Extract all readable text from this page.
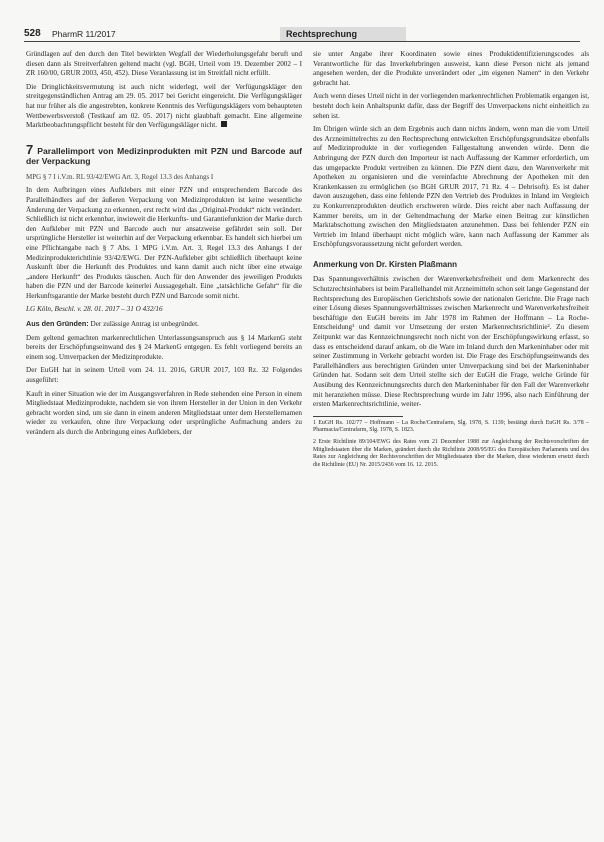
528 PharmR 11/2017	Rechtsprechung

Gründlagen auf den durch den Titel bewirkten Wegfall der Wiederholungsgefahr beruft und diesen dann als Streitverfahren geltend macht (vgl. BGH, Urteil vom 19. Dezember 2002 – I ZR 160/00, GRUR 2003, 450, 452). Diese Veranlassung ist im Streitfall nicht erfüllt.

Die Dringlichkeitsvermutung ist auch nicht widerlegt, weil der Verfügungskläger den streitgegenständlichen Antrag am 29. 05. 2017 bei Gericht eingereicht. Die Verfügungskläger hat nur früher als die angestrebten, konkrete Kenntnis des Verfügungsklägers vom behaupteten Wettbewerbsverstoß (Testkauf am 02. 05. 2017) nicht glaubhaft gemacht. Eine allgemeine Marktbeobachtungspflicht besteht für den Verfügungskläger nicht.

7 Parallelimport von Medizinprodukten mit PZN und Barcode auf der Verpackung

MPG § 7 I i.V.m. RL 93/42/EWG Art. 3, Regel 13.3 des Anhangs I

In dem Aufbringen eines Aufklebers mit einer PZN und entsprechendem Barcode des Parallelhändlers auf der äußeren Verpackung von Medizinprodukten ist keine wesentliche Änderung der Verpackung zu erkennen, erst recht wird das „Original-Produkt“ nicht verändert. Schließlich ist nicht erkennbar, inwieweit die Herkunfts- und Garantiefunktion der Marke durch den Aufkleber mit PZN und Barcode auch nur ansatzweise gefährdet sein soll. Der ursprüngliche Hersteller ist weiterhin auf der Verpackung erkennbar. Es handelt sich hierbei um eine Pflichtangabe nach § 7 Abs. 1 MPG i.V.m. Art. 3, Regel 13.3 des Anhangs I der Medizinprodukterichtlinie 93/42/EWG. Der PZN-Aufkleber gibt schließlich überhaupt keine Auskunft über die Herkunft des Produktes und kann damit auch nicht über eine etwaige „andere Herkunft“ des Produkts täuschen. Auch für den Anwender des jeweiligen Produkts haben die PZN und der Barcode keinerlei Aussagegehalt. Eine „tatsächliche Gefahr“ für die Herkunftsgarantie der Marke besteht durch PZN und Barcode somit nicht.

LG Köln, Beschl. v. 28. 01. 2017 – 31 O 432/16

Aus den Gründen: Der zulässige Antrag ist unbegründet.

Dem geltend gemachten markenrechtlichen Unterlassungsanspruch aus § 14 MarkenG steht bereits der Erschöpfungseinwand des § 24 MarkenG entgegen. Es fehlt vorliegend bereits an einem sog. Umverpacken der Medizinprodukte.

Der EuGH hat in seinem Urteil vom 24. 11. 2016, GRUR 2017, 103 Rz. 32 Folgendes ausgeführt:

Kauft in einer Situation wie der im Ausgangsverfahren in Rede stehenden eine Person in einem Mitgliedstaat Medizinprodukte, nachdem sie von ihrem Hersteller in der Union in den Verkehr gebracht worden sind, um sie dann in einem anderen Mitgliedstaat unter dem Herstellernamen wieder zu verkaufen, ohne ihre Verpackung oder ursprüngliche Aufmachung anders zu verändern als durch die Anbringung eines Aufklebers, der

sie unter Angabe ihrer Koordinaten sowie eines Produktidentifizierungscodes als Verantwortliche für das Inverkehrbringen ausweist, kann diese Person nicht als jemand angesehen werden, der die Produkte unverändert oder „im eigenen Namen“ in den Verkehr gebracht hat.

Auch wenn dieses Urteil nicht in der vorliegenden markenrechtlichen Problematik ergangen ist, besteht doch kein Anhaltspunkt dafür, dass der Begriff des Umverpackens nicht einheitlich zu sehen ist.

Im Übrigen würde sich an dem Ergebnis auch dann nichts ändern, wenn man die vom Urteil des Arzneimittelrechts zu den Rechtsprechung entwickelten Erschöpfungsgrundsätze ebenfalls auf Medizinprodukte in der vorliegenden Fallgestaltung anwenden würde. Denn die Anbringung der PZN durch den Importeur ist nach Auffassung der Kammer erforderlich, um das umgepackte Produkt vertreiben zu können. Die PZN dient dazu, den Warenverkehr mit Apotheken zu organisieren und die vereinfachte Abrechnung der Apotheken mit den Krankenkassen zu ermöglichen (so BGH GRUR 2017, 71 Rz. 4 – Debrisoft). Es ist daher davon auszugehen, dass eine fehlende PZN den Vertrieb des Produktes in Inland im Vergleich zu Konkurrenzprodukten deutlich erschweren würde. Dies reicht aber nach Auffassung der Kammer bereits, um in der Geltendmachung der Marke einen Beitrag zur künstlichen Marktabschottung zwischen den Mitgliedstaaten anzunehmen. Dass bei fehlender PZN ein Vertrieb im Inland überhaupt nicht möglich wäre, kann nach Auffassung der Kammer als Erschöpfungsvoraussetzung nicht gefordert werden.

Anmerkung von Dr. Kirsten Plaßmann

Das Spannungsverhältnis zwischen der Warenverkehrsfreiheit und dem Markenrecht des Schutzrechtsinhabers ist beim Parallelhandel mit Arzneimitteln schon seit lange Gegenstand der Rechtsprechung des Europäischen Gerichtshofs sowie der nationalen Gerichte. Die Frage nach einer Lösung dieses Spannungsverhältnisses zwischen Markenrecht und Warenverkehrsfreiheit beschäftigte den EuGH bereits im Jahr 1978 im Rahmen der Hoffmann – La Roche-Entscheidung¹ und damit vor Umsetzung der ersten Markenrechtsrichtlinie². Zu diesem Zeitpunkt war das Kennzeichnungsrecht noch nicht von der Erschöpfungswirkung erfasst, so dass es entscheidend darauf ankam, ob die Ware im Inland durch den Markeninhaber oder mit seiner Zustimmung in Verkehr gebracht worden ist. Die Frage des Erschöpfungseinwands des Parallelhändlers aus berechtigten Gründen unter Umverpackung sind bei der Markeninhaber Gründen hat. Sodann seit dem Urteil stellte sich der EuGH die Frage, welche Gründe für Ausübung des Kennzeichnungsrechts durch den Markeninhaber für den Fall der Warenverkehr mit heranziehen müsse. Diese Rechtsprechung wurde im Jahr 1996, also nach Einführung der ersten Markenrechtsrichtlinie, weiter-

1 EuGH Rs. 102/77 – Hoffmann – La Roche/Centrafarm, Slg. 1978, S. 1139; bestätigt durch EuGH Rs. 3/78 – Pharmacia/Centrafarm, Slg. 1978, S. 1823.

2 Erste Richtlinie 89/104/EWG des Rates vom 21 Dezember 1988 zur Angleichung der Rechtsvorschriften der Mitgliedstaaten über die Marken, geändert durch die Richtlinie 2008/95/EG des Europäischen Parlaments und des Rates zur Angleichung der Rechtsvorschriften der Mitgliedstaaten über die Marken, diese wiederum ersetzt durch die Richtlinie (EU) Nr. 2015/2436 vom 16. 12. 2015.
